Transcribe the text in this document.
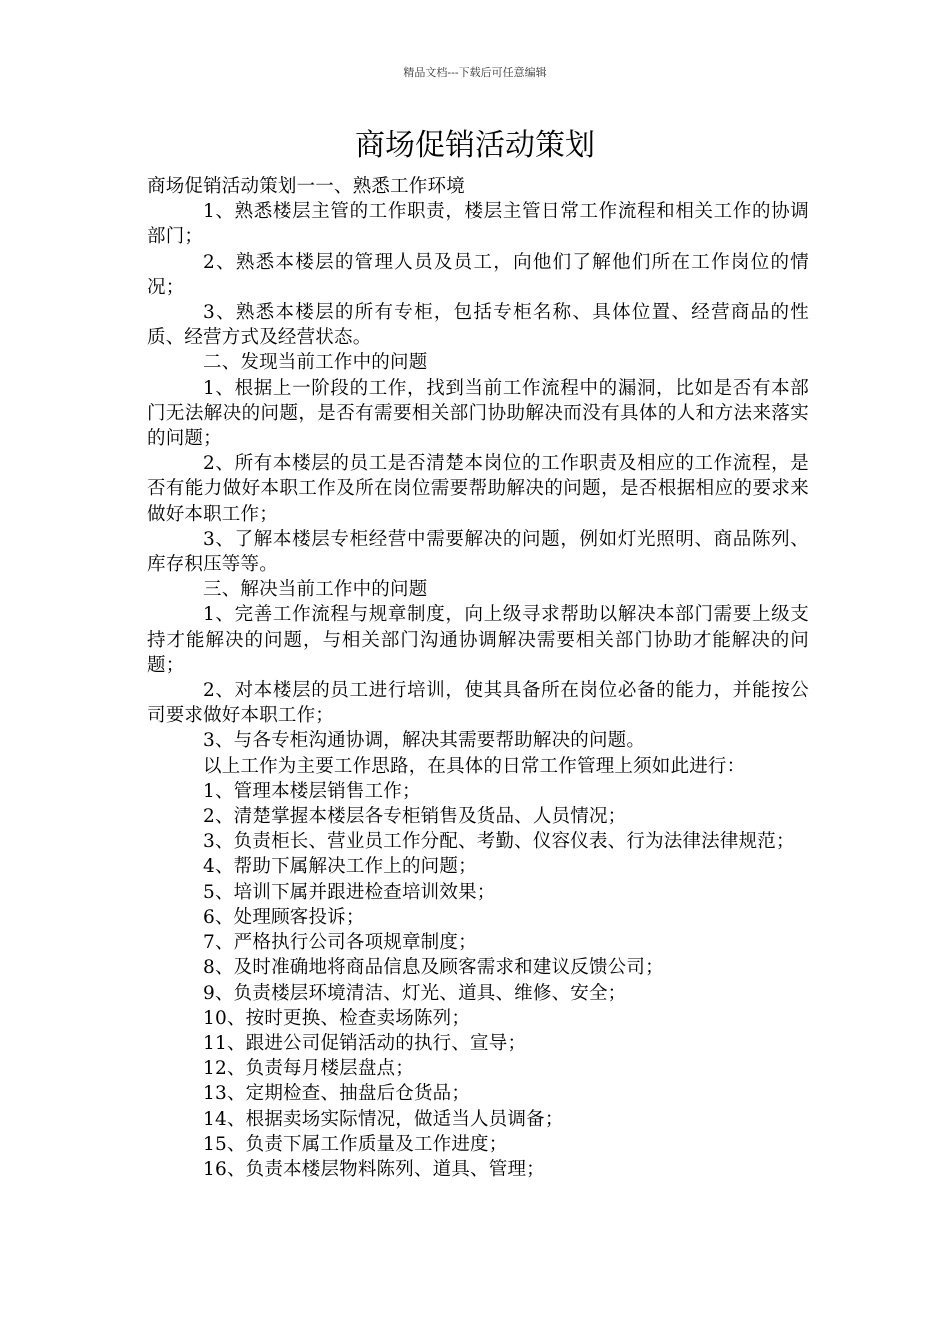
精品文档---下载后可任意编辑
商场促销活动策划

商场促销活动策划一一、熟悉工作环境

1、熟悉楼层主管的工作职责，楼层主管日常工作流程和相关工作的协调部门；

2、熟悉本楼层的管理人员及员工，向他们了解他们所在工作岗位的情况；

3、熟悉本楼层的所有专柜，包括专柜名称、具体位置、经营商品的性质、经营方式及经营状态。

二、发现当前工作中的问题

1、根据上一阶段的工作，找到当前工作流程中的漏洞，比如是否有本部门无法解决的问题，是否有需要相关部门协助解决而没有具体的人和方法来落实的问题；

2、所有本楼层的员工是否清楚本岗位的工作职责及相应的工作流程，是否有能力做好本职工作及所在岗位需要帮助解决的问题，是否根据相应的要求来做好本职工作；

3、了解本楼层专柜经营中需要解决的问题，例如灯光照明、商品陈列、库存积压等等。

三、解决当前工作中的问题

1、完善工作流程与规章制度，向上级寻求帮助以解决本部门需要上级支持才能解决的问题，与相关部门沟通协调解决需要相关部门协助才能解决的问题；

2、对本楼层的员工进行培训，使其具备所在岗位必备的能力，并能按公司要求做好本职工作；

3、与各专柜沟通协调，解决其需要帮助解决的问题。

以上工作为主要工作思路，在具体的日常工作管理上须如此进行：

1、管理本楼层销售工作；

2、清楚掌握本楼层各专柜销售及货品、人员情况；

3、负责柜长、营业员工作分配、考勤、仪容仪表、行为法律法律规范；

4、帮助下属解决工作上的问题；

5、培训下属并跟进检查培训效果；

6、处理顾客投诉；

7、严格执行公司各项规章制度；

8、及时准确地将商品信息及顾客需求和建议反馈公司；

9、负责楼层环境清洁、灯光、道具、维修、安全；

10、按时更换、检查卖场陈列；

11、跟进公司促销活动的执行、宣导；

12、负责每月楼层盘点；

13、定期检查、抽盘后仓货品；

14、根据卖场实际情况，做适当人员调备；

15、负责下属工作质量及工作进度；

16、负责本楼层物料陈列、道具、管理；
